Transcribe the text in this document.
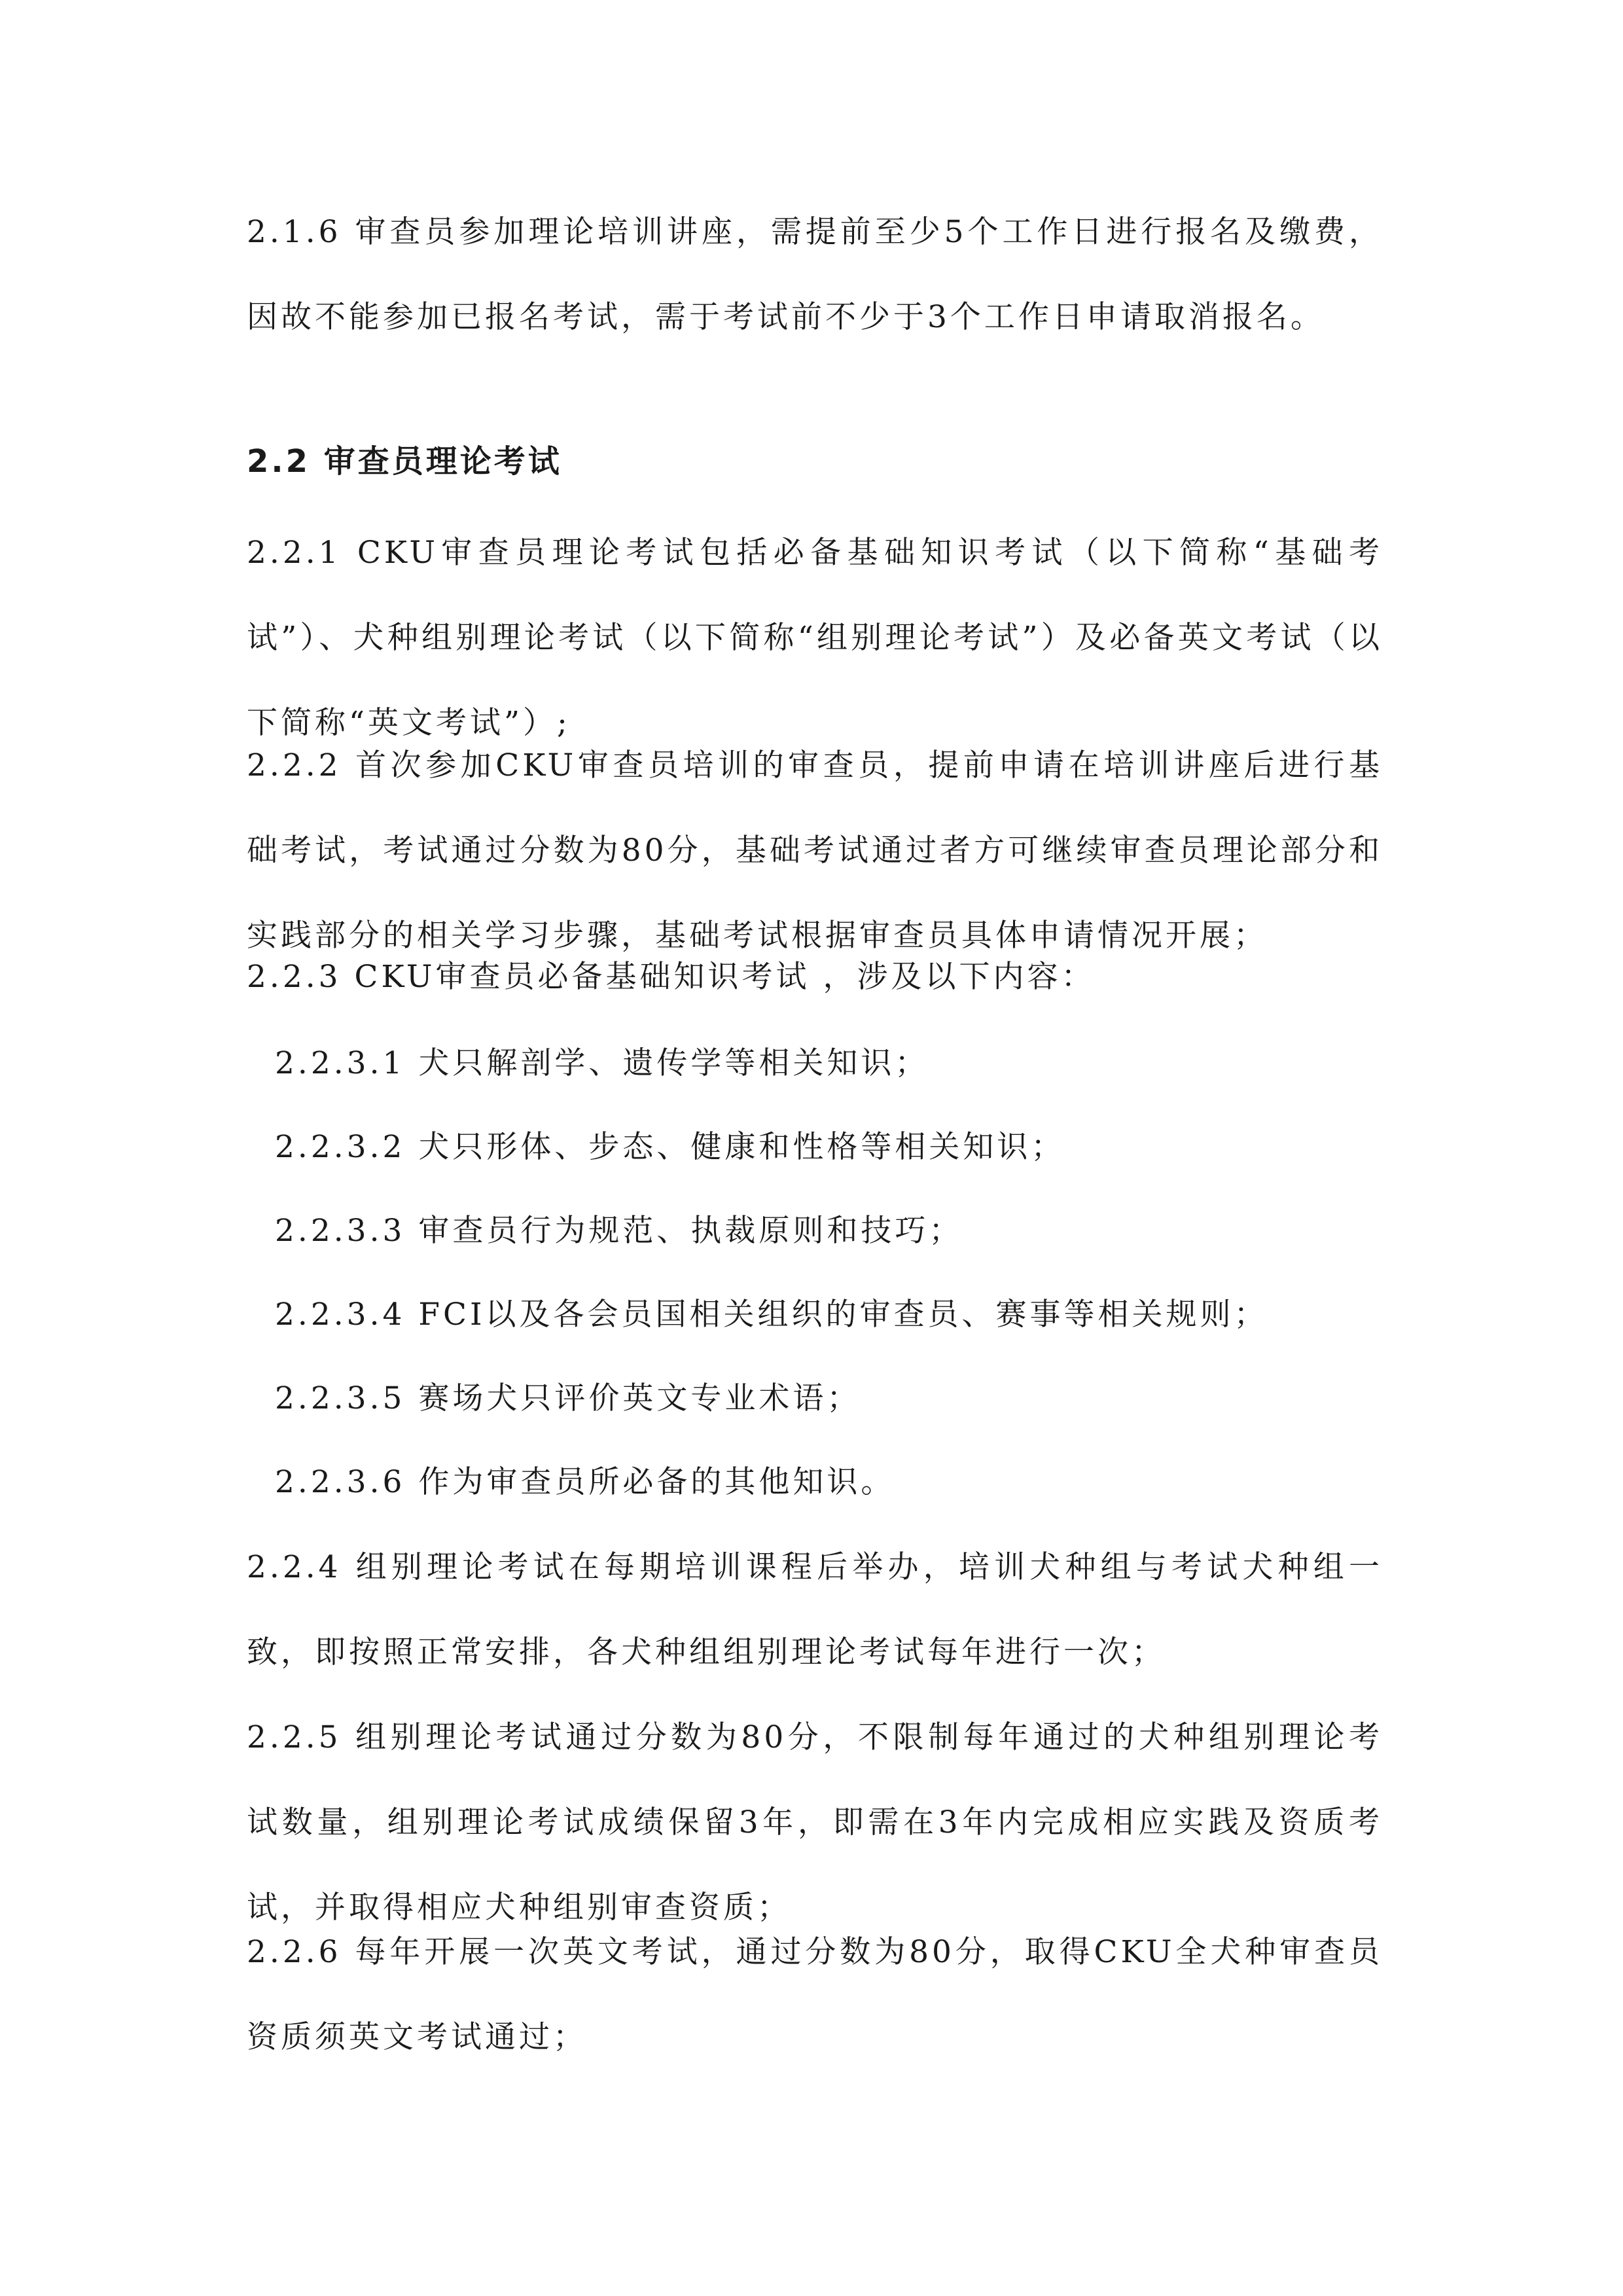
2.1.6 审查员参加理论培训讲座，需提前至少5个工作日进行报名及缴费，因故不能参加已报名考试，需于考试前不少于3个工作日申请取消报名。

2.2 审查员理论考试

2.2.1 CKU审查员理论考试包括必备基础知识考试（以下简称“基础考试”）、犬种组别理论考试（以下简称“组别理论考试”）及必备英文考试（以下简称“英文考试”）;

2.2.2 首次参加CKU审查员培训的审查员，提前申请在培训讲座后进行基础考试，考试通过分数为80分，基础考试通过者方可继续审查员理论部分和实践部分的相关学习步骤，基础考试根据审查员具体申请情况开展；

2.2.3 CKU审查员必备基础知识考试 ，涉及以下内容：

2.2.3.1 犬只解剖学、遗传学等相关知识；

2.2.3.2 犬只形体、步态、健康和性格等相关知识；

2.2.3.3 审查员行为规范、执裁原则和技巧；

2.2.3.4 FCI以及各会员国相关组织的审查员、赛事等相关规则；

2.2.3.5 赛场犬只评价英文专业术语；

2.2.3.6 作为审查员所必备的其他知识。

2.2.4 组别理论考试在每期培训课程后举办，培训犬种组与考试犬种组一致，即按照正常安排，各犬种组组别理论考试每年进行一次；

2.2.5 组别理论考试通过分数为80分，不限制每年通过的犬种组别理论考试数量，组别理论考试成绩保留3年，即需在3年内完成相应实践及资质考试，并取得相应犬种组别审查资质；

2.2.6 每年开展一次英文考试，通过分数为80分，取得CKU全犬种审查员资质须英文考试通过；
